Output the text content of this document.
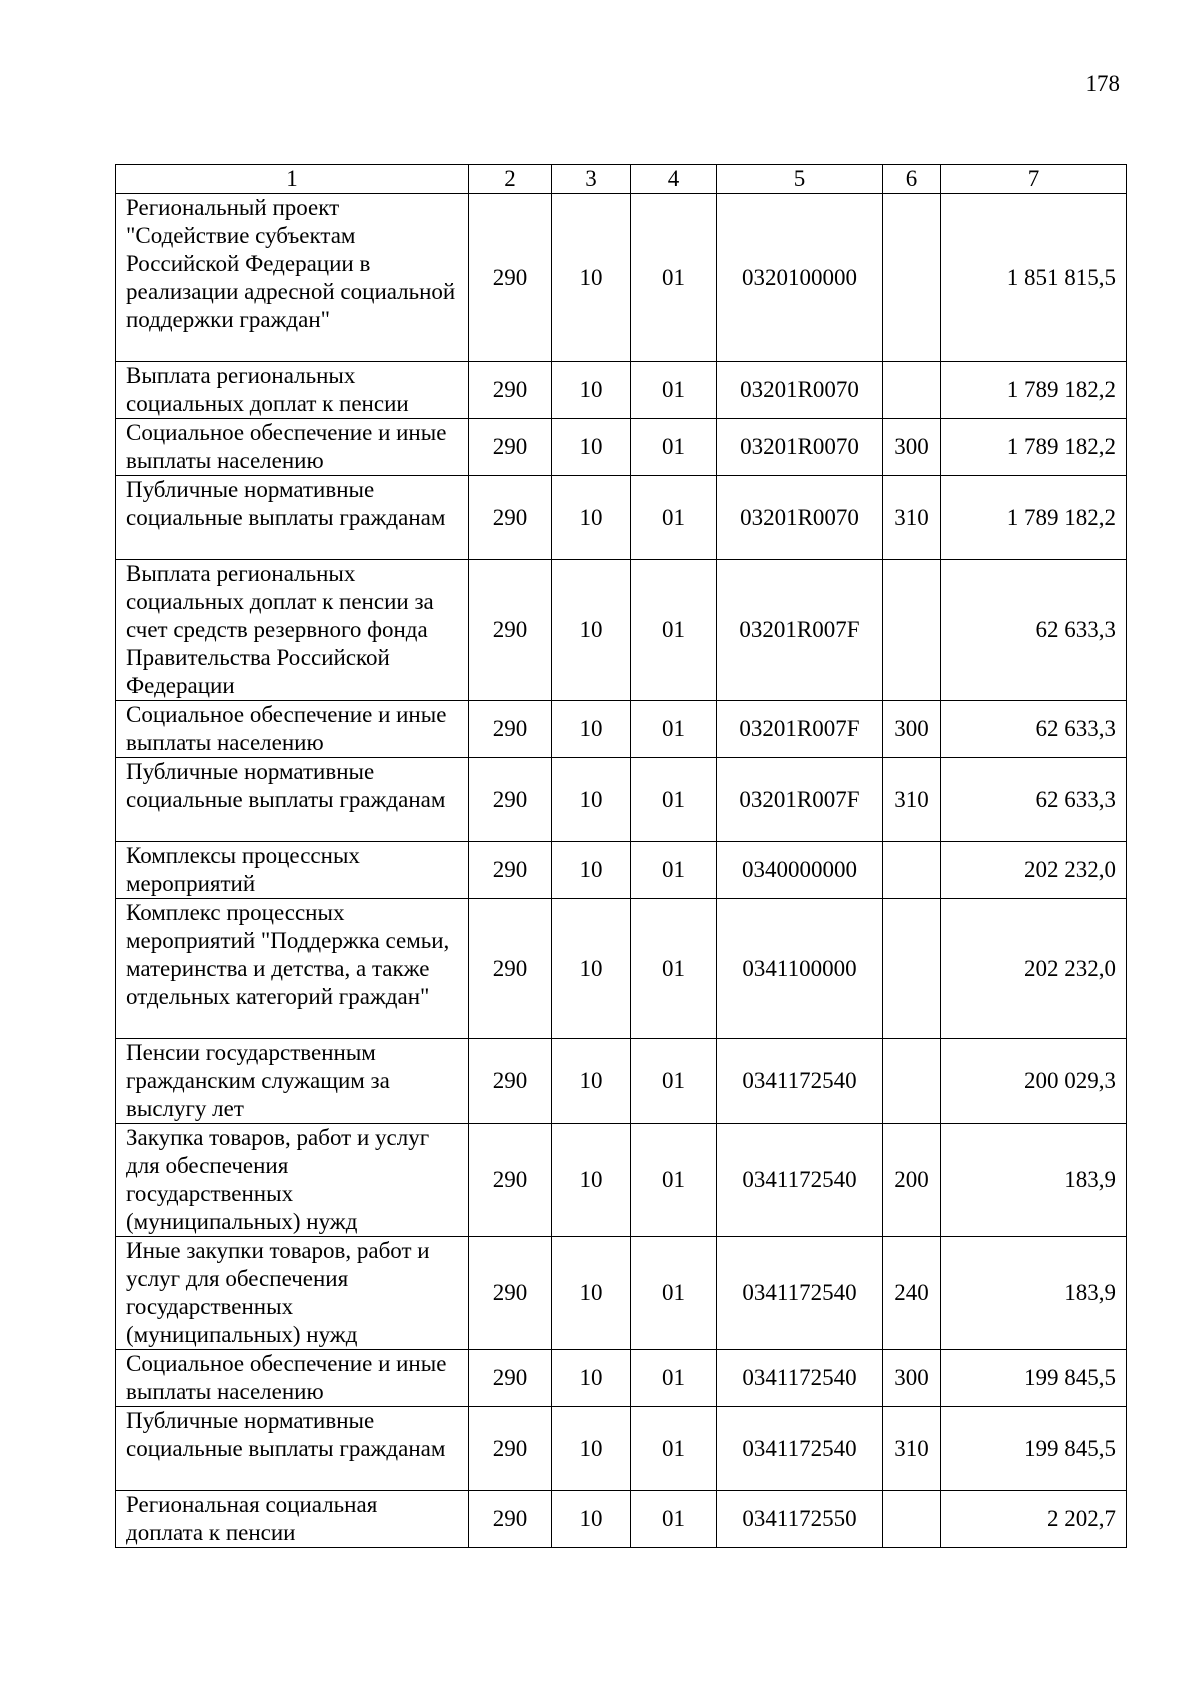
178
1	2	3	4	5	6	7
Региональный проект "Содействие субъектам Российской Федерации в реализации адресной социальной поддержки граждан"	290	10	01	0320100000		1 851 815,5
Выплата региональных социальных доплат к пенсии	290	10	01	03201R0070		1 789 182,2
Социальное обеспечение и иные выплаты населению	290	10	01	03201R0070	300	1 789 182,2
Публичные нормативные социальные выплаты гражданам	290	10	01	03201R0070	310	1 789 182,2
Выплата региональных социальных доплат к пенсии за счет средств резервного фонда Правительства Российской Федерации	290	10	01	03201R007F		62 633,3
Социальное обеспечение и иные выплаты населению	290	10	01	03201R007F	300	62 633,3
Публичные нормативные социальные выплаты гражданам	290	10	01	03201R007F	310	62 633,3
Комплексы процессных мероприятий	290	10	01	0340000000		202 232,0
Комплекс процессных мероприятий "Поддержка семьи, материнства и детства, а также отдельных категорий граждан"	290	10	01	0341100000		202 232,0
Пенсии государственным гражданским служащим за выслугу лет	290	10	01	0341172540		200 029,3
Закупка товаров, работ и услуг для обеспечения государственных (муниципальных) нужд	290	10	01	0341172540	200	183,9
Иные закупки товаров, работ и услуг для обеспечения государственных (муниципальных) нужд	290	10	01	0341172540	240	183,9
Социальное обеспечение и иные выплаты населению	290	10	01	0341172540	300	199 845,5
Публичные нормативные социальные выплаты гражданам	290	10	01	0341172540	310	199 845,5
Региональная социальная доплата к пенсии	290	10	01	0341172550		2 202,7
